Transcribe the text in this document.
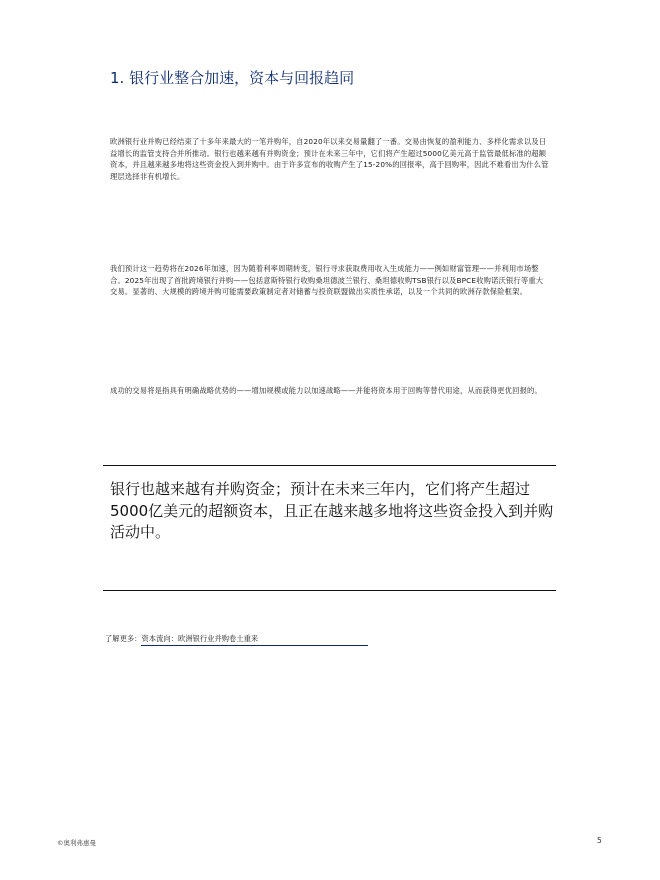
1. 银行业整合加速，资本与回报趋同

欧洲银行业并购已经结束了十多年来最大的一笔并购年，自2020年以来交易量翻了一番。交易由恢复的盈利能力、多样化需求以及日益增长的监管支持合并所推动。银行也越来越有并购资金；预计在未来三年中，它们将产生超过5000亿美元高于监管最低标准的超额资本，并且越来越多地将这些资金投入到并购中。由于许多宣布的收购产生了15-20%的回报率，高于回购率，因此不难看出为什么管理层选择非有机增长。

我们预计这一趋势将在2026年加速，因为随着利率周期转变，银行寻求获取费用收入生成能力——例如财富管理——并利用市场整合。2025年出现了首批跨境银行并购——包括意斯特银行收购桑坦德波兰银行、桑坦德收购TSB银行以及BPCE收购诺沃银行等重大交易。显著的、大规模的跨境并购可能需要政策制定者对储蓄与投资联盟做出实质性承诺，以及一个共同的欧洲存款保险框架。

成功的交易将是指具有明确战略优势的——增加规模或能力以加速战略——并能将资本用于回购等替代用途，从而获得更优回报的。

银行也越来越有并购资金；预计在未来三年内，它们将产生超过5000亿美元的超额资本，且正在越来越多地将这些资金投入到并购活动中。

了解更多：资本流向：欧洲银行业并购卷土重来
©奥利弗惠曼	5
